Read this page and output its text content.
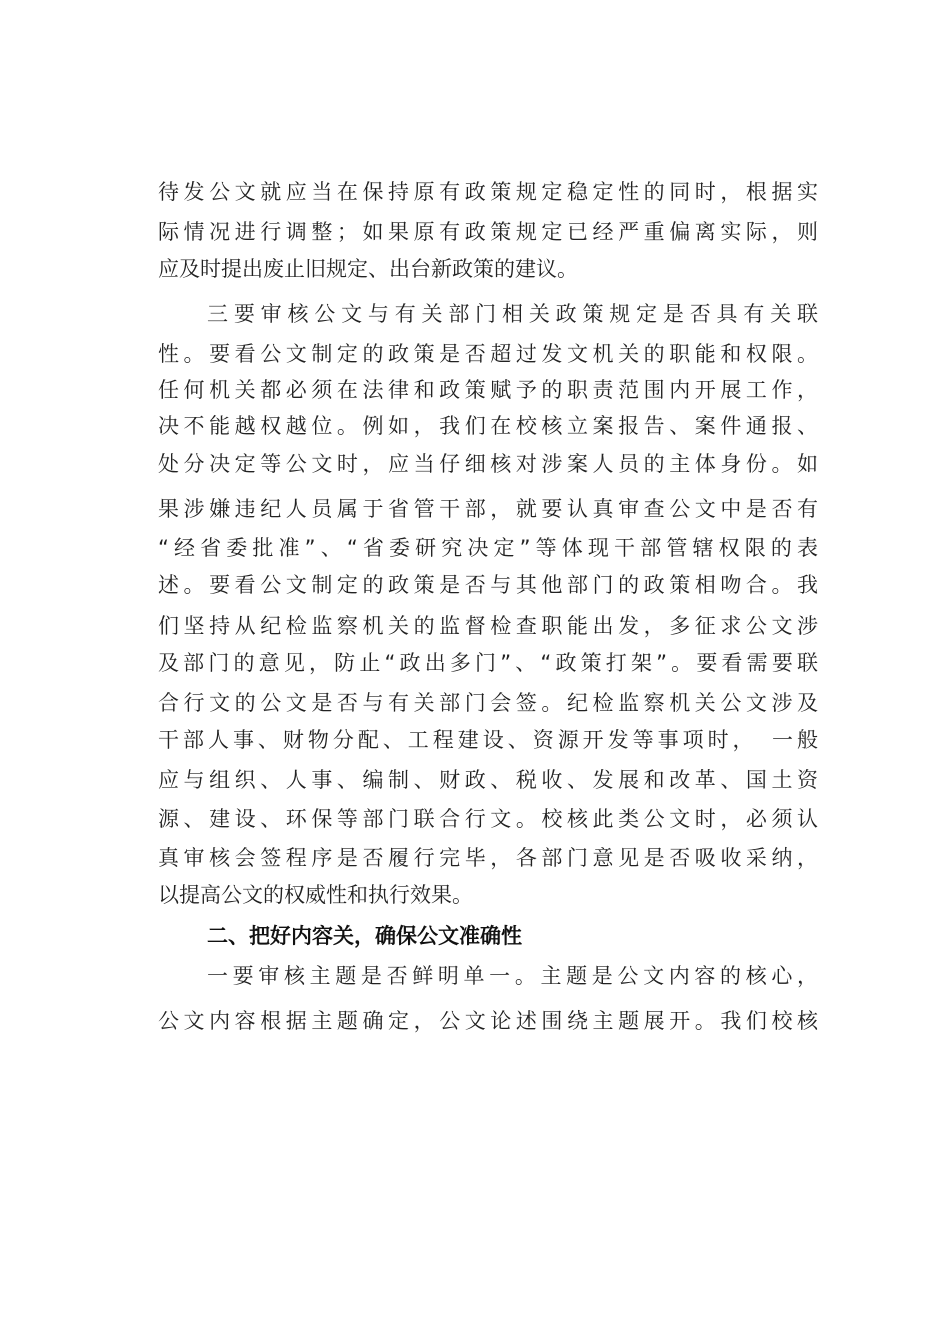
待发公文就应当在保持原有政策规定稳定性的同时，根据实
际情况进行调整；如果原有政策规定已经严重偏离实际，则
应及时提出废止旧规定、出台新政策的建议。
三要审核公文与有关部门相关政策规定是否具有关联
性。要看公文制定的政策是否超过发文机关的职能和权限。
任何机关都必须在法律和政策赋予的职责范围内开展工作，
决不能越权越位。例如，我们在校核立案报告、案件通报、
处分决定等公文时，应当仔细核对涉案人员的主体身份。如
果涉嫌违纪人员属于省管干部，就要认真审查公文中是否有
“经省委批准”、“省委研究决定”等体现干部管辖权限的表
述。要看公文制定的政策是否与其他部门的政策相吻合。我
们坚持从纪检监察机关的监督检查职能出发，多征求公文涉
及部门的意见，防止“政出多门”、“政策打架”。要看需要联
合行文的公文是否与有关部门会签。纪检监察机关公文涉及
干部人事、财物分配、工程建设、资源开发等事项时，　一般
应与组织、人事、编制、财政、税收、发展和改革、国土资
源、建设、环保等部门联合行文。校核此类公文时，必须认
真审核会签程序是否履行完毕，各部门意见是否吸收采纳，
以提高公文的权威性和执行效果。
二、把好内容关，确保公文准确性
一要审核主题是否鲜明单一。主题是公文内容的核心，
公文内容根据主题确定，公文论述围绕主题展开。我们校核
